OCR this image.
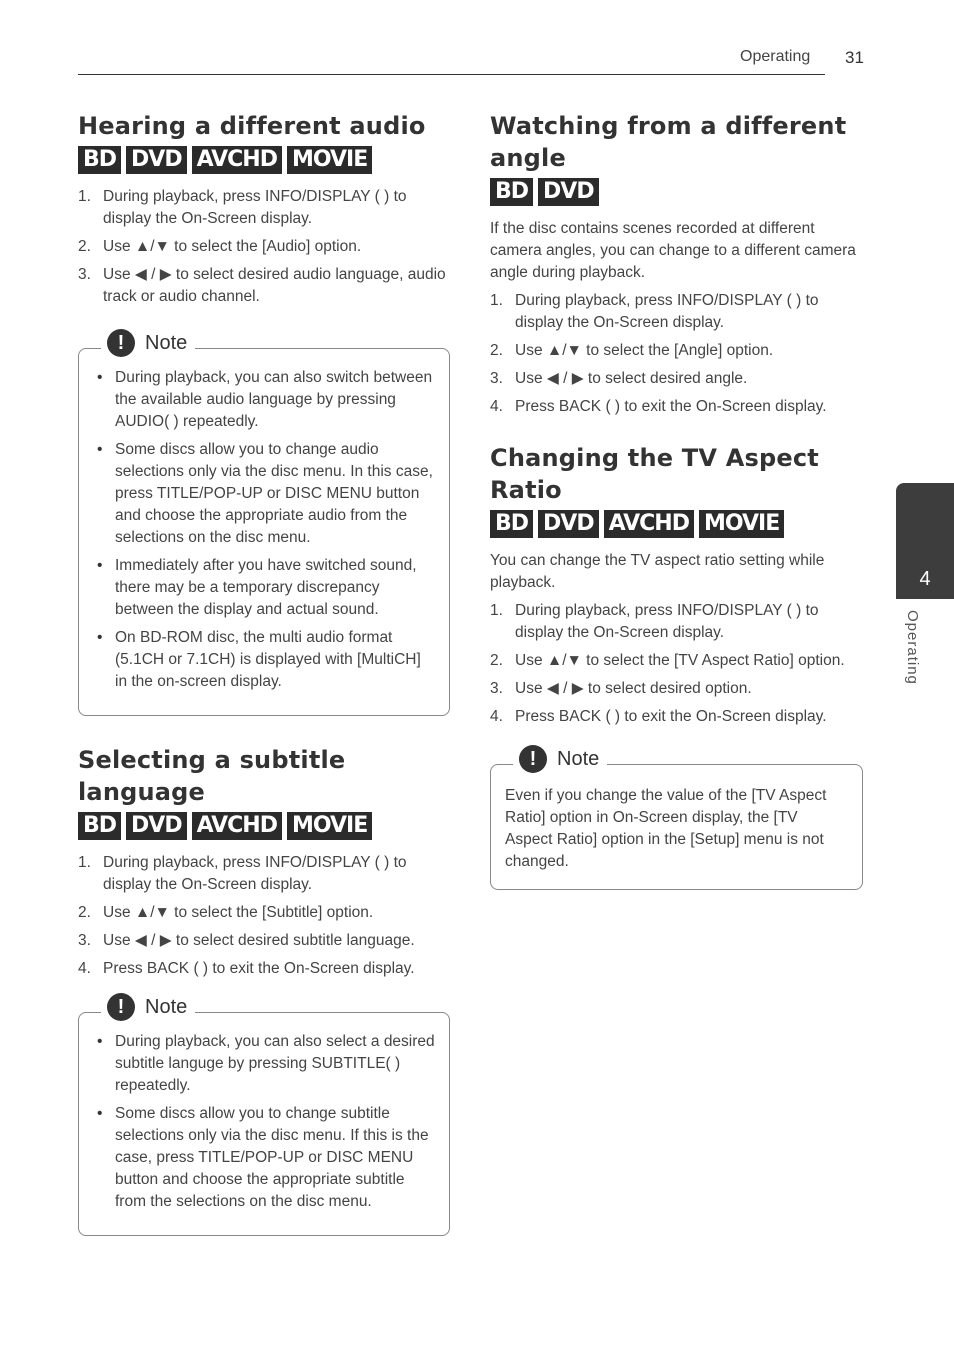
Operating 31
4
Operating
Hearing a different audio
BD DVD AVCHD MOVIE
1. During playback, press INFO/DISPLAY ( ) to display the On-Screen display.
2. Use ▲/▼ to select the [Audio] option.
3. Use ◀ / ▶ to select desired audio language, audio track or audio channel.
!	Note
• During playback, you can also switch between the available audio language by pressing AUDIO( ) repeatedly.
• Some discs allow you to change audio selections only via the disc menu. In this case, press TITLE/POP-UP or DISC MENU button and choose the appropriate audio from the selections on the disc menu.
• Immediately after you have switched sound, there may be a temporary discrepancy between the display and actual sound.
• On BD-ROM disc, the multi audio format (5.1CH or 7.1CH) is displayed with [MultiCH] in the on-screen display.
Selecting a subtitle language
BD DVD AVCHD MOVIE
1. During playback, press INFO/DISPLAY ( ) to display the On-Screen display.
2. Use ▲/▼ to select the [Subtitle] option.
3. Use ◀ / ▶ to select desired subtitle language.
4. Press BACK ( ) to exit the On-Screen display.
!	Note
• During playback, you can also select a desired subtitle languge by pressing SUBTITLE( ) repeatedly.
• Some discs allow you to change subtitle selections only via the disc menu. If this is the case, press TITLE/POP-UP or DISC MENU button and choose the appropriate subtitle from the selections on the disc menu.
Watching from a different
angle
BD DVD

If the disc contains scenes recorded at different camera angles, you can change to a different camera angle during playback.

1. During playback, press INFO/DISPLAY ( ) to display the On-Screen display.
2. Use ▲/▼ to select the [Angle] option.
3. Use ◀ / ▶ to select desired angle.
4. Press BACK ( ) to exit the On-Screen display.
Changing the TV Aspect Ratio
BD DVD AVCHD MOVIE

You can change the TV aspect ratio setting while playback.

1. During playback, press INFO/DISPLAY ( ) to display the On-Screen display.
2. Use ▲/▼ to select the [TV Aspect Ratio] option.
3. Use ◀ / ▶ to select desired option.
4. Press BACK ( ) to exit the On-Screen display.
!	Note

Even if you change the value of the [TV Aspect Ratio] option in On-Screen display, the [TV Aspect Ratio] option in the [Setup] menu is not changed.
